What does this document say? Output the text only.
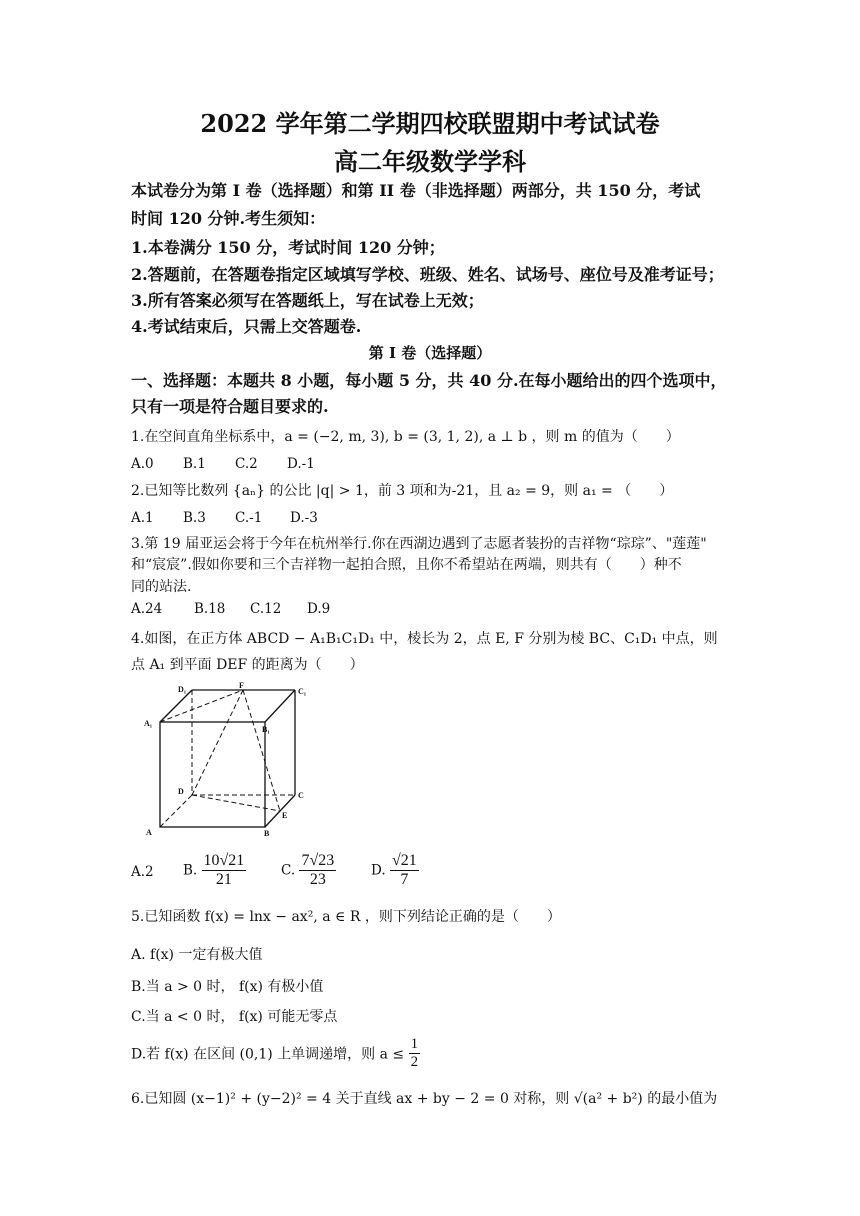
2022 学年第二学期四校联盟期中考试试卷
高二年级数学学科
本试卷分为第 I 卷（选择题）和第 II 卷（非选择题）两部分，共 150 分，考试
时间 120 分钟.考生须知：
1.本卷满分 150 分，考试时间 120 分钟；
2.答题前，在答题卷指定区域填写学校、班级、姓名、试场号、座位号及准考证号；
3.所有答案必须写在答题纸上，写在试卷上无效；
4.考试结束后，只需上交答题卷.
第 I 卷（选择题）
一、选择题：本题共 8 小题，每小题 5 分，共 40 分.在每小题给出的四个选项中，
只有一项是符合题目要求的.
1.在空间直角坐标系中，a = (−2, m, 3), b = (3, 1, 2), a ⊥ b ，则 m 的值为（　　）
A.0 B.1 C.2 D.-1
2.已知等比数列 {aₙ} 的公比 |q| > 1，前 3 项和为-21，且 a₂ = 9，则 a₁ = （　　）
A.1 B.3 C.-1 D.-3
3.第 19 届亚运会将于今年在杭州举行.你在西湖边遇到了志愿者装扮的吉祥物“琮琮”、"莲莲"
和“宸宸”.假如你要和三个吉祥物一起拍合照，且你不希望站在两端，则共有（　　）种不
同的站法.
A.24 B.18 C.12 D.9
4.如图，在正方体 ABCD − A₁B₁C₁D₁ 中，棱长为 2，点 E, F 分别为棱 BC、C₁D₁ 中点，则
点 A₁ 到平面 DEF 的距离为（　　）
D₁	F
C₁
A₁
B₁
D	C
E
A	B
A.2 B. $\frac{10√21}{21}$	C. $\frac{7√23}{23}$	D. $\frac{√21}{7}$
5.已知函数 f(x) = lnx − ax², a ∈ R ，则下列结论正确的是（　　）
A. f(x) 一定有极大值
B.当 a > 0 时， f(x) 有极小值
C.当 a < 0 时， f(x) 可能无零点
D.若 f(x) 在区间 (0,1) 上单调递增，则 $a \le \frac{1}{2}$
6.已知圆 (x−1)² + (y−2)² = 4 关于直线 ax + by − 2 = 0 对称，则 √(a² + b²) 的最小值为
